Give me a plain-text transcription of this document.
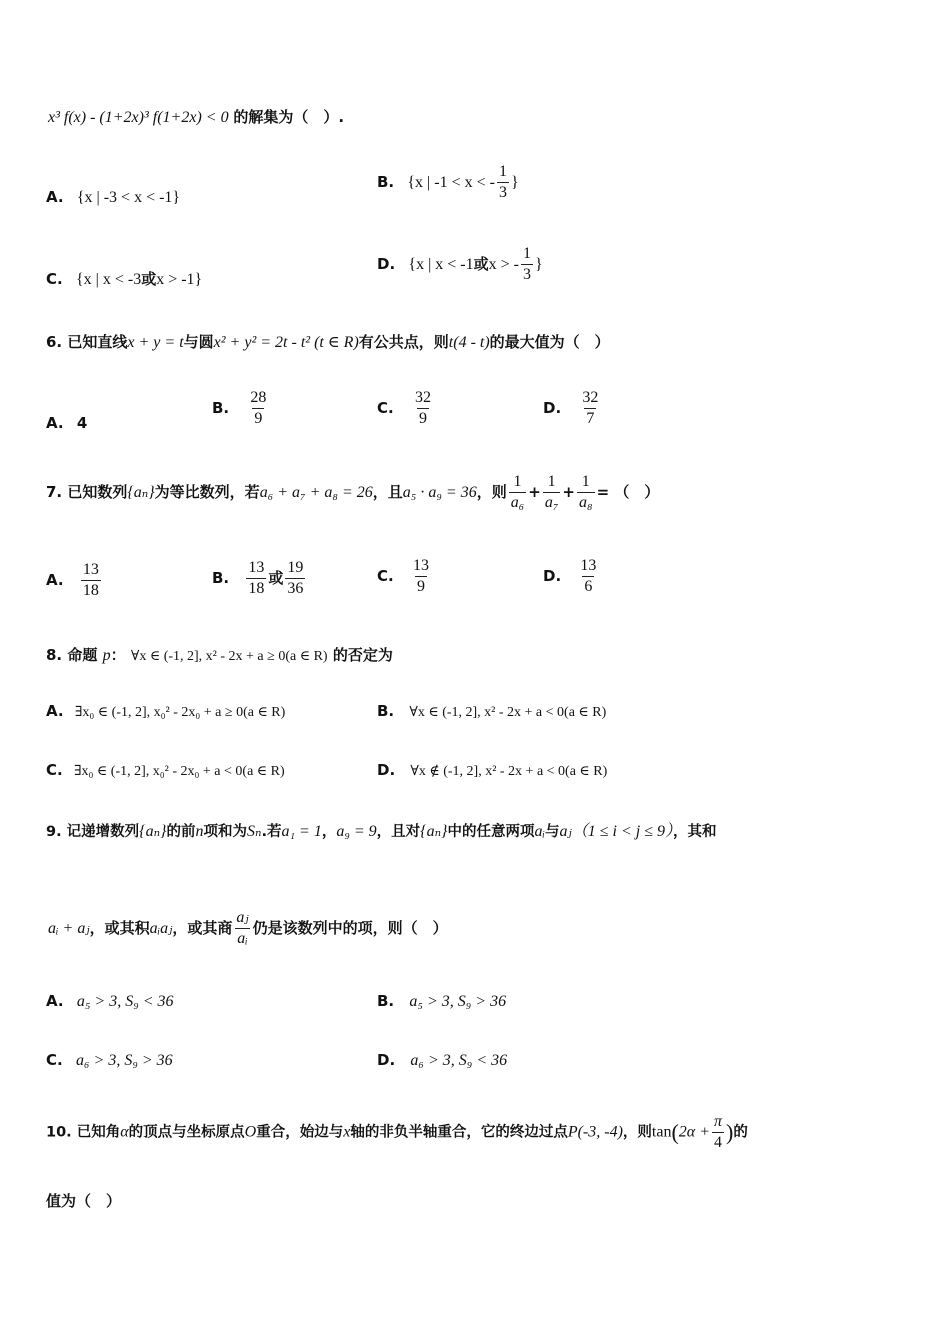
x³ f(x) - (1+2x)³ f(1+2x) < 0 的解集为（　）.
A. {x | -3 < x < -1}
B. {x | -1 < x < - $\frac{1}{3}$ }
C. {x | x < -3或x > -1}
D. {x | x < -1或x > - $\frac{1}{3}$ }
6. 已知直线x + y = t与圆x² + y² = 2t - t² (t ∈ R)有公共点，则t(4 - t)的最大值为（　）
A. 4
B. $\frac{28}{9}$	C. $\frac{32}{9}$	D. $\frac{32}{7}$
7. 已知数列{aₙ}为等比数列，若a₆ + a₇ + a₈ = 26，且a₅ · a₉ = 36，则 $\frac{1}{\text{a₆}} + \frac{1}{\text{a₇}} + \frac{1}{\text{a₈}}$ = （　）
A. $\frac{13}{18}$	B. $\frac{13}{18}$ 或 $\frac{19}{36}$	C. $\frac{13}{9}$	D. $\frac{13}{6}$
8. 命题 p： ∀x ∈ (-1, 2], x² - 2x + a ≥ 0(a ∈ R) 的否定为
A. ∃x₀ ∈ (-1, 2], x₀² - 2x₀ + a ≥ 0(a ∈ R)	B. ∀x ∈ (-1, 2], x² - 2x + a < 0(a ∈ R)
C. ∃x₀ ∈ (-1, 2], x₀² - 2x₀ + a < 0(a ∈ R)	D. ∀x ∉ (-1, 2], x² - 2x + a < 0(a ∈ R)
9. 记递增数列{aₙ}的前n项和为Sₙ.若a₁ = 1，a₉ = 9，且对{aₙ}中的任意两项aᵢ与aⱼ（1 ≤ i < j ≤ 9），其和
aᵢ + aⱼ，或其积aᵢaⱼ，或其商 $\frac{\text{aⱼ}}{\text{aᵢ}}$ 仍是该数列中的项，则（　）
A. a₅ > 3, S₉ < 36	B. a₅ > 3, S₉ > 36
C. a₆ > 3, S₉ > 36	D. a₆ > 3, S₉ < 36
10. 已知角α的顶点与坐标原点O重合，始边与x轴的非负半轴重合，它的终边过点P(-3, -4)，则$\tan(2\alpha + \frac{\pi}{4}$ )的
值为（　）
